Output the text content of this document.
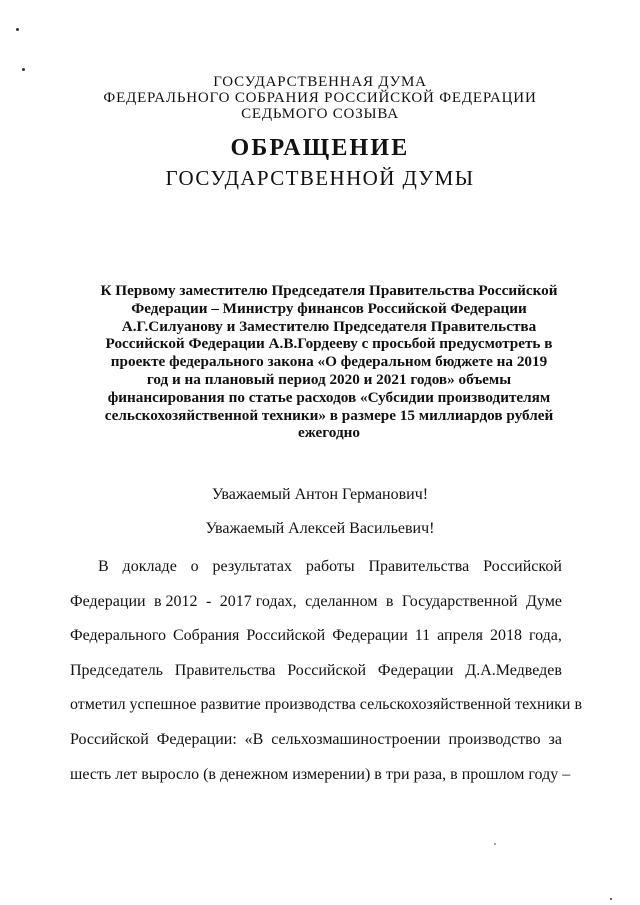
ГОСУДАРСТВЕННАЯ ДУМА
ФЕДЕРАЛЬНОГО СОБРАНИЯ РОССИЙСКОЙ ФЕДЕРАЦИИ
СЕДЬМОГО СОЗЫВА
ОБРАЩЕНИЕ
ГОСУДАРСТВЕННОЙ ДУМЫ
К Первому заместителю Председателя Правительства Российской
Федерации – Министру финансов Российской Федерации
А.Г.Силуанову и Заместителю Председателя Правительства
Российской Федерации А.В.Гордееву с просьбой предусмотреть в
проекте федерального закона «О федеральном бюджете на 2019
год и на плановый период 2020 и 2021 годов» объемы
финансирования по статье расходов «Субсидии производителям
сельскохозяйственной техники» в размере 15 миллиардов рублей
ежегодно
Уважаемый Антон Германович!
Уважаемый Алексей Васильевич!
В докладе о результатах работы Правительства Российской
Федерации в 2012 - 2017 годах, сделанном в Государственной Думе
Федерального Собрания Российской Федерации 11 апреля 2018 года,
Председатель Правительства Российской Федерации Д.А.Медведев
отметил успешное развитие производства сельскохозяйственной техники в
Российской Федерации: «В сельхозмашиностроении производство за
шесть лет выросло (в денежном измерении) в три раза, в прошлом году –
